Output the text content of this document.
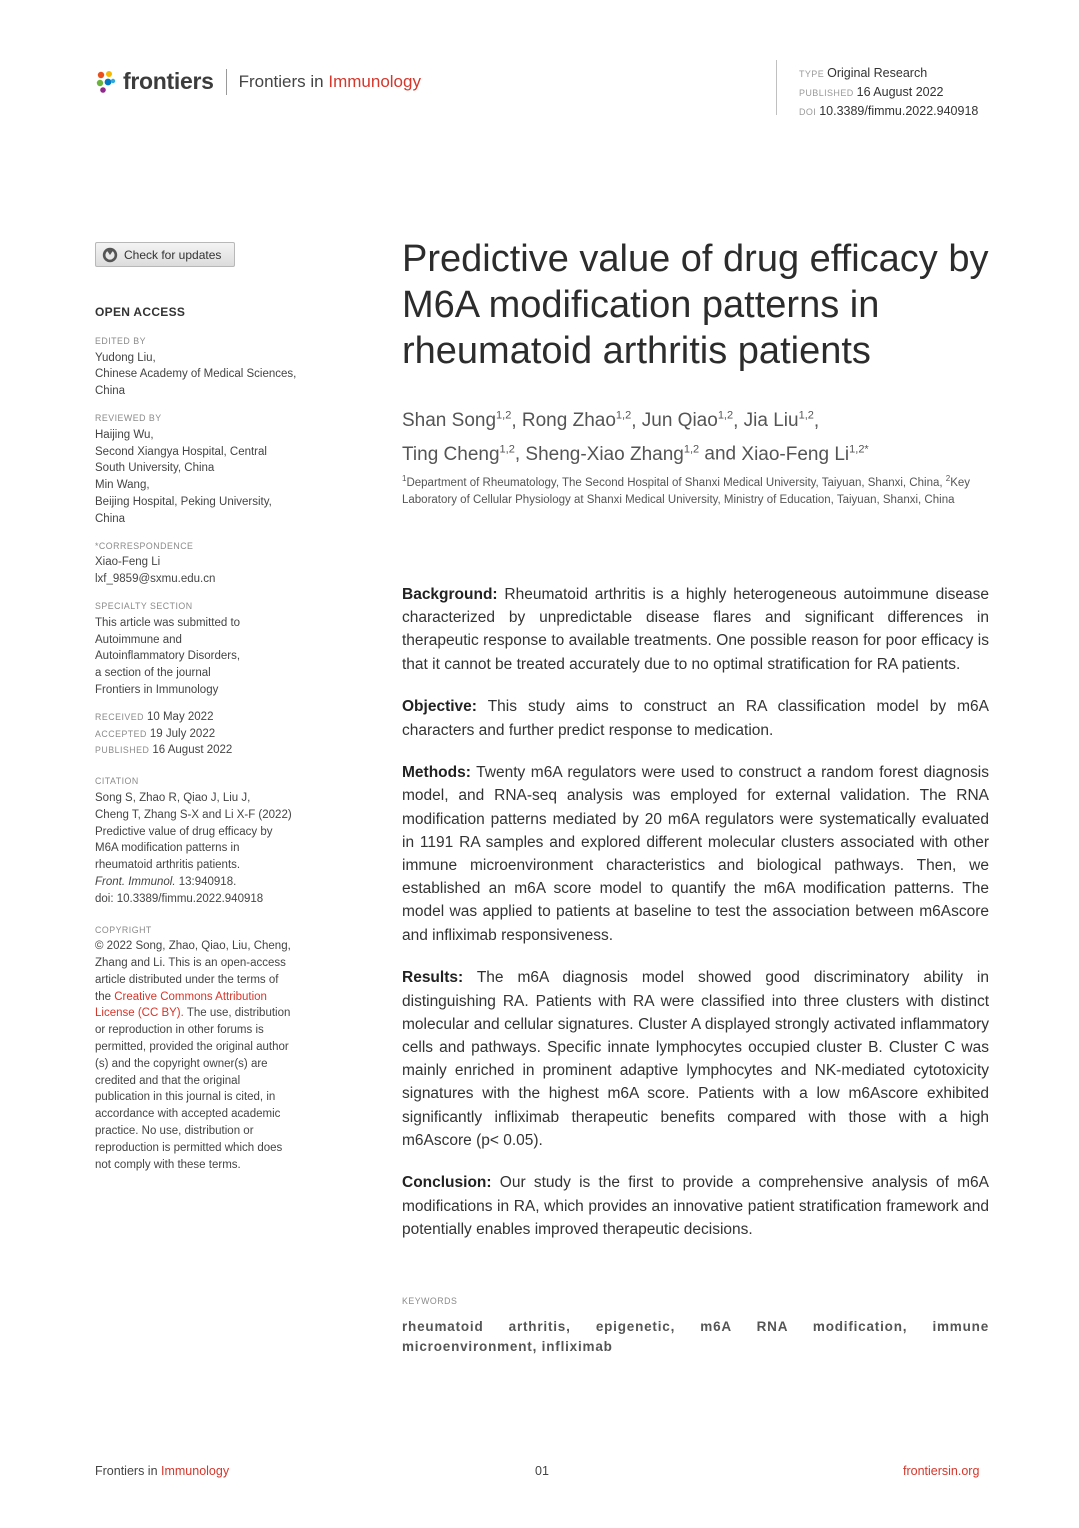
frontiers Frontiers in Immunology	TYPE Original Research
PUBLISHED 16 August 2022
DOI 10.3389/fimmu.2022.940918
Check for updates
OPEN ACCESS
EDITED BY
Yudong Liu,
Chinese Academy of Medical Sciences,
China
REVIEWED BY
Haijing Wu,
Second Xiangya Hospital, Central
South University, China
Min Wang,
Beijing Hospital, Peking University,
China
*CORRESPONDENCE
Xiao-Feng Li
lxf_9859@sxmu.edu.cn
SPECIALTY SECTION
This article was submitted to
Autoimmune and
Autoinflammatory Disorders,
a section of the journal
Frontiers in Immunology
RECEIVED 10 May 2022
ACCEPTED 19 July 2022
PUBLISHED 16 August 2022
CITATION
Song S, Zhao R, Qiao J, Liu J,
Cheng T, Zhang S-X and Li X-F (2022)
Predictive value of drug efficacy by
M6A modification patterns in
rheumatoid arthritis patients.
Front. Immunol. 13:940918.
doi: 10.3389/fimmu.2022.940918
COPYRIGHT
© 2022 Song, Zhao, Qiao, Liu, Cheng,
Zhang and Li. This is an open-access
article distributed under the terms of
the Creative Commons Attribution
License (CC BY). The use, distribution
or reproduction in other forums is
permitted, provided the original author
(s) and the copyright owner(s) are
credited and that the original
publication in this journal is cited, in
accordance with accepted academic
practice. No use, distribution or
reproduction is permitted which does
not comply with these terms.
Predictive value of drug efficacy by M6A modification patterns in rheumatoid arthritis patients
Shan Song$^{1,2}$, Rong Zhao$^{1,2}$, Jun Qiao$^{1,2}$, Jia Liu$^{1,2}$,
Ting Cheng$^{1,2}$, Sheng-Xiao Zhang$^{1,2}$ and Xiao-Feng $Li^{1,2*}$
$^1$Department of Rheumatology, The Second Hospital of Shanxi Medical University, Taiyuan, Shanxi, China, $^2$Key Laboratory of Cellular Physiology at Shanxi Medical University, Ministry of Education, Taiyuan, Shanxi, China

Background: Rheumatoid arthritis is a highly heterogeneous autoimmune disease characterized by unpredictable disease flares and significant differences in therapeutic response to available treatments. One possible reason for poor efficacy is that it cannot be treated accurately due to no optimal stratification for RA patients.

Objective: This study aims to construct an RA classification model by m6A characters and further predict response to medication.

Methods: Twenty m6A regulators were used to construct a random forest diagnosis model, and RNA-seq analysis was employed for external validation. The RNA modification patterns mediated by 20 m6A regulators were systematically evaluated in 1191 RA samples and explored different molecular clusters associated with other immune microenvironment characteristics and biological pathways. Then, we established an m6A score model to quantify the m6A modification patterns. The model was applied to patients at baseline to test the association between m6Ascore and infliximab responsiveness.

Results: The m6A diagnosis model showed good discriminatory ability in distinguishing RA. Patients with RA were classified into three clusters with distinct molecular and cellular signatures. Cluster A displayed strongly activated inflammatory cells and pathways. Specific innate lymphocytes occupied cluster B. Cluster C was mainly enriched in prominent adaptive lymphocytes and NK-mediated cytotoxicity signatures with the highest m6A score. Patients with a low m6Ascore exhibited significantly infliximab therapeutic benefits compared with those with a high m6Ascore (p< 0.05).

Conclusion: Our study is the first to provide a comprehensive analysis of m6A modifications in RA, which provides an innovative patient stratification framework and potentially enables improved therapeutic decisions.

KEYWORDS
rheumatoid arthritis, epigenetic, m6A RNA modification, immune microenvironment, infliximab
Frontiers in Immunology	01	frontiersin.org
